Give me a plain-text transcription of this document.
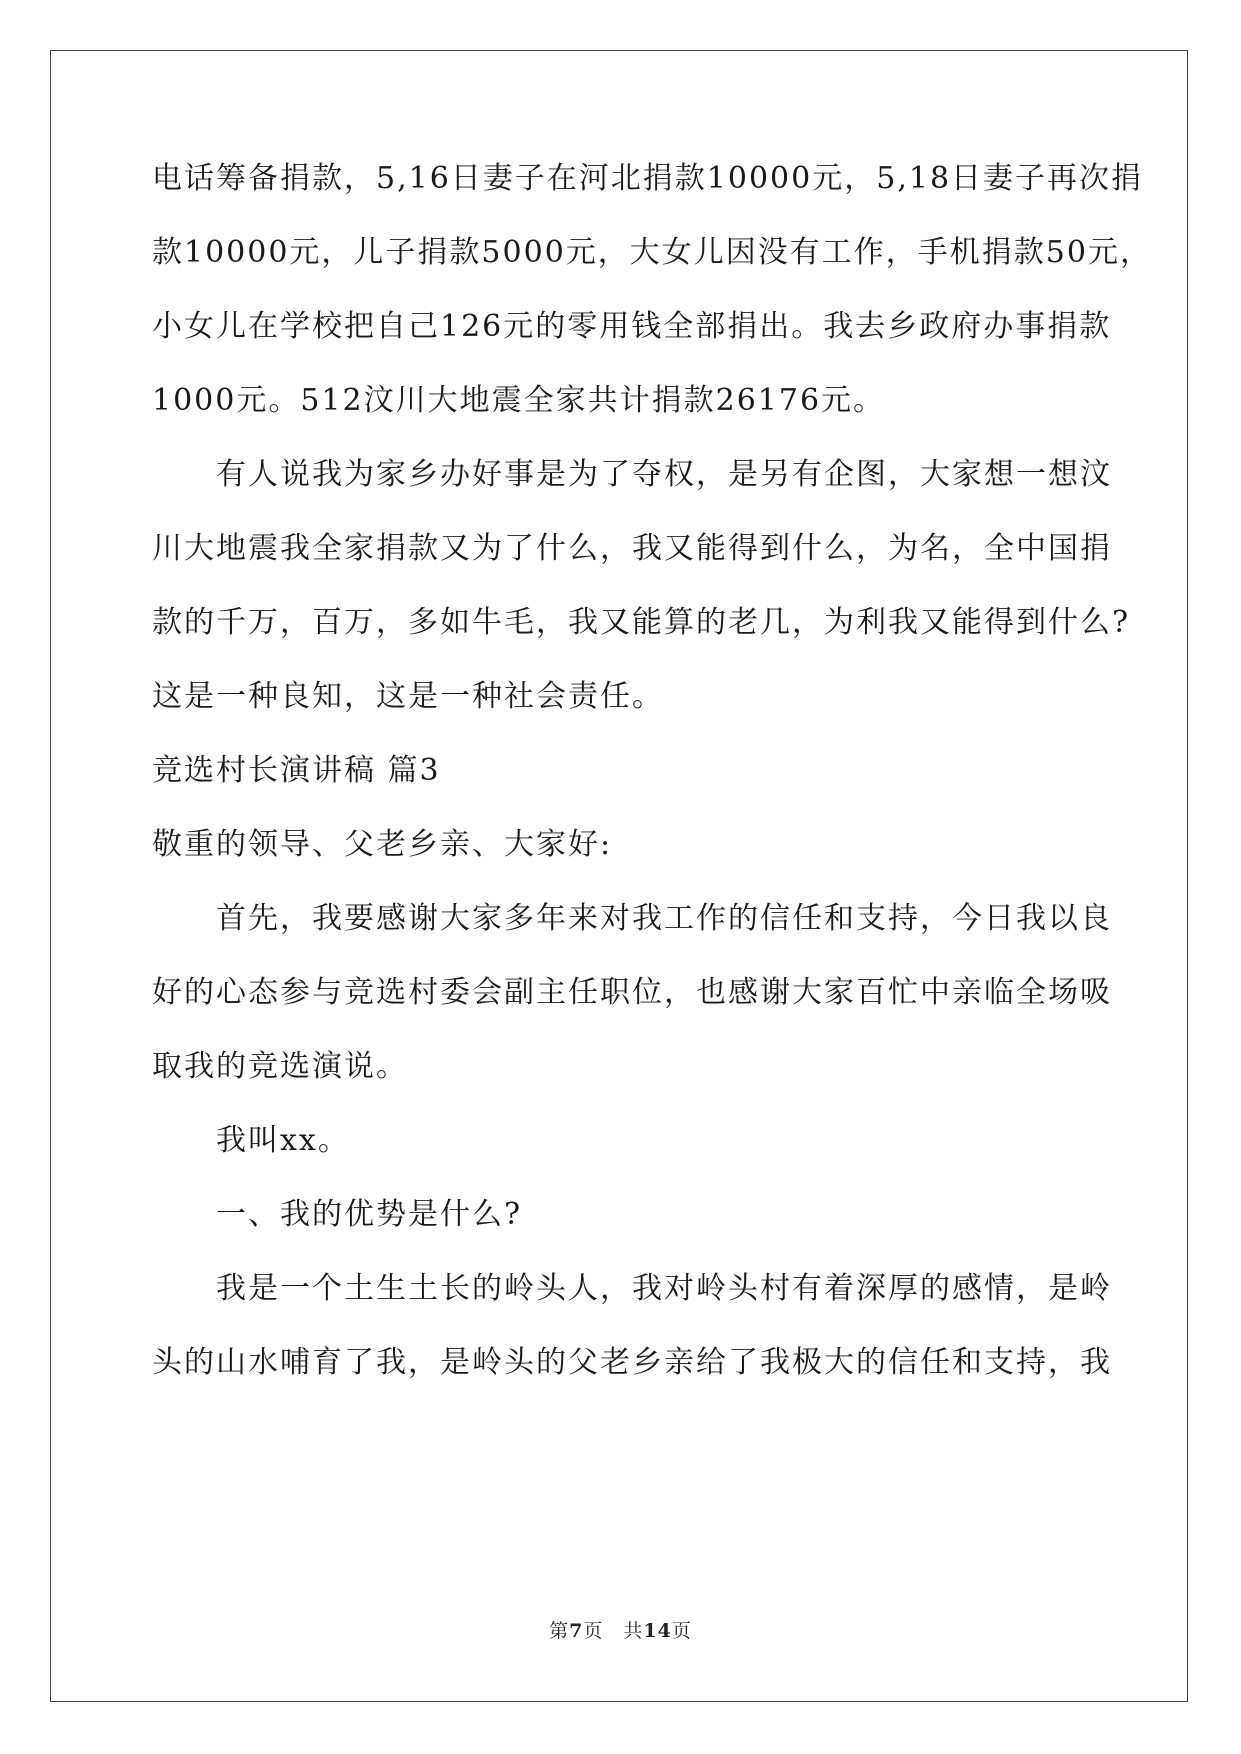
电话筹备捐款，5,16日妻子在河北捐款10000元，5,18日妻子再次捐
款10000元，儿子捐款5000元，大女儿因没有工作，手机捐款50元，
小女儿在学校把自己126元的零用钱全部捐出。我去乡政府办事捐款
1000元。512汶川大地震全家共计捐款26176元。
　　有人说我为家乡办好事是为了夺权，是另有企图，大家想一想汶
川大地震我全家捐款又为了什么，我又能得到什么，为名，全中国捐
款的千万，百万，多如牛毛，我又能算的老几，为利我又能得到什么?
这是一种良知，这是一种社会责任。
竞选村长演讲稿 篇3
敬重的领导、父老乡亲、大家好:
　　首先，我要感谢大家多年来对我工作的信任和支持，今日我以良
好的心态参与竞选村委会副主任职位，也感谢大家百忙中亲临全场吸
取我的竞选演说。
　　我叫xx。
　　一、我的优势是什么?
　　我是一个土生土长的岭头人，我对岭头村有着深厚的感情，是岭
头的山水哺育了我，是岭头的父老乡亲给了我极大的信任和支持，我
第7页　共14页
